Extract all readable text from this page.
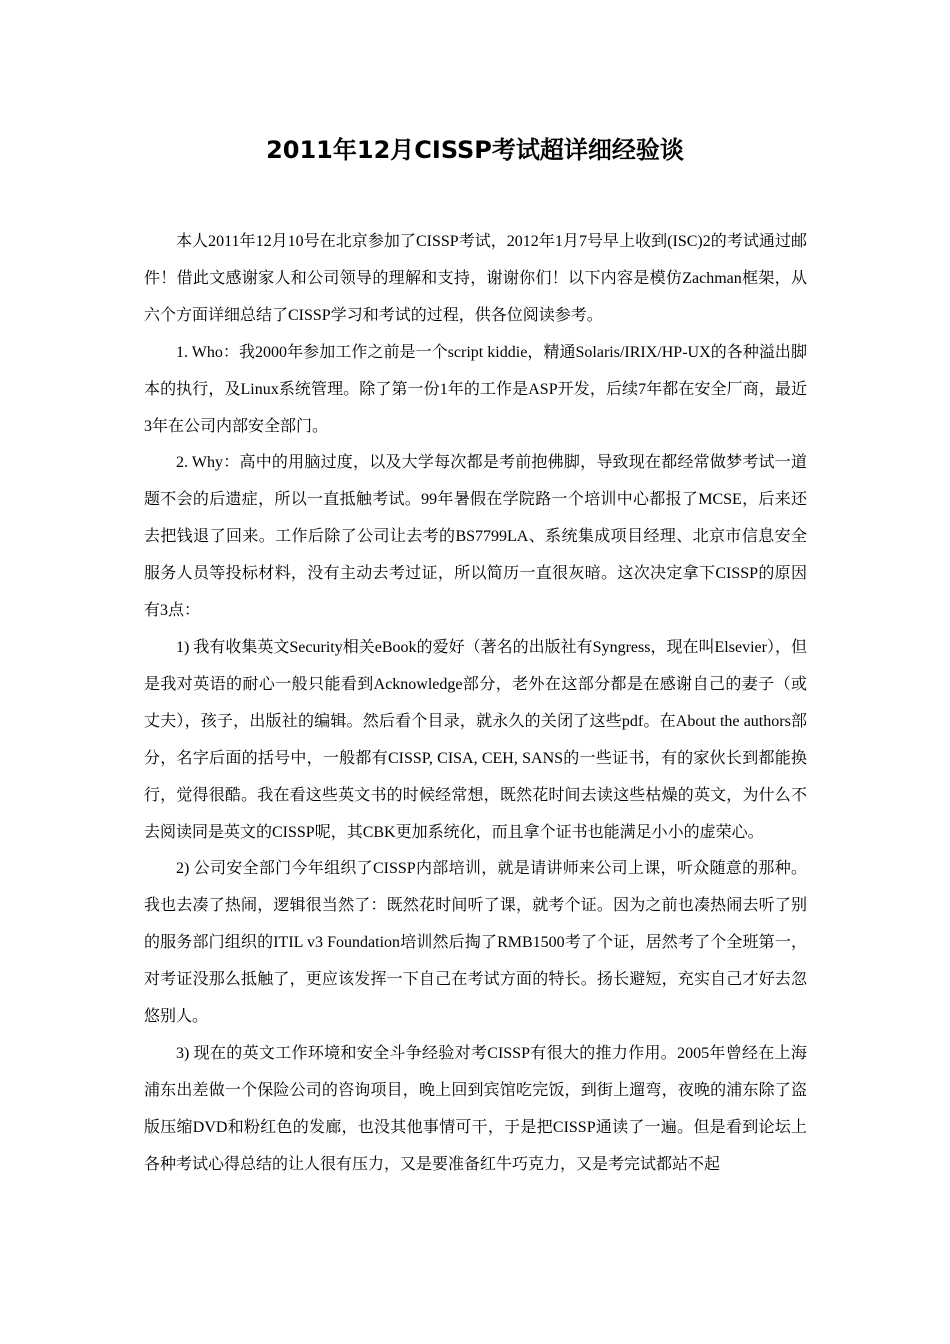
2011年12月CISSP考试超详细经验谈

本人2011年12月10号在北京参加了CISSP考试，2012年1月7号早上收到(ISC)2的考试通过邮件！借此文感谢家人和公司领导的理解和支持，谢谢你们！以下内容是模仿Zachman框架，从六个方面详细总结了CISSP学习和考试的过程，供各位阅读参考。

1. Who：我2000年参加工作之前是一个script kiddie，精通Solaris/IRIX/HP-UX的各种溢出脚本的执行，及Linux系统管理。除了第一份1年的工作是ASP开发，后续7年都在安全厂商，最近3年在公司内部安全部门。

2. Why：高中的用脑过度，以及大学每次都是考前抱佛脚，导致现在都经常做梦考试一道题不会的后遗症，所以一直抵触考试。99年暑假在学院路一个培训中心都报了MCSE，后来还去把钱退了回来。工作后除了公司让去考的BS7799LA、系统集成项目经理、北京市信息安全服务人员等投标材料，没有主动去考过证，所以简历一直很灰暗。这次决定拿下CISSP的原因有3点：

1) 我有收集英文Security相关eBook的爱好（著名的出版社有Syngress，现在叫Elsevier），但是我对英语的耐心一般只能看到Acknowledge部分，老外在这部分都是在感谢自己的妻子（或丈夫），孩子，出版社的编辑。然后看个目录，就永久的关闭了这些pdf。在About the authors部分，名字后面的括号中，一般都有CISSP, CISA, CEH, SANS的一些证书，有的家伙长到都能换行，觉得很酷。我在看这些英文书的时候经常想，既然花时间去读这些枯燥的英文，为什么不去阅读同是英文的CISSP呢，其CBK更加系统化，而且拿个证书也能满足小小的虚荣心。

2) 公司安全部门今年组织了CISSP内部培训，就是请讲师来公司上课，听众随意的那种。我也去凑了热闹，逻辑很当然了：既然花时间听了课，就考个证。因为之前也凑热闹去听了别的服务部门组织的ITIL v3 Foundation培训然后掏了RMB1500考了个证，居然考了个全班第一，对考证没那么抵触了，更应该发挥一下自己在考试方面的特长。扬长避短，充实自己才好去忽悠别人。

3) 现在的英文工作环境和安全斗争经验对考CISSP有很大的推力作用。2005年曾经在上海浦东出差做一个保险公司的咨询项目，晚上回到宾馆吃完饭，到街上遛弯，夜晚的浦东除了盗版压缩DVD和粉红色的发廊，也没其他事情可干，于是把CISSP通读了一遍。但是看到论坛上各种考试心得总结的让人很有压力，又是要准备红牛巧克力，又是考完试都站不起
